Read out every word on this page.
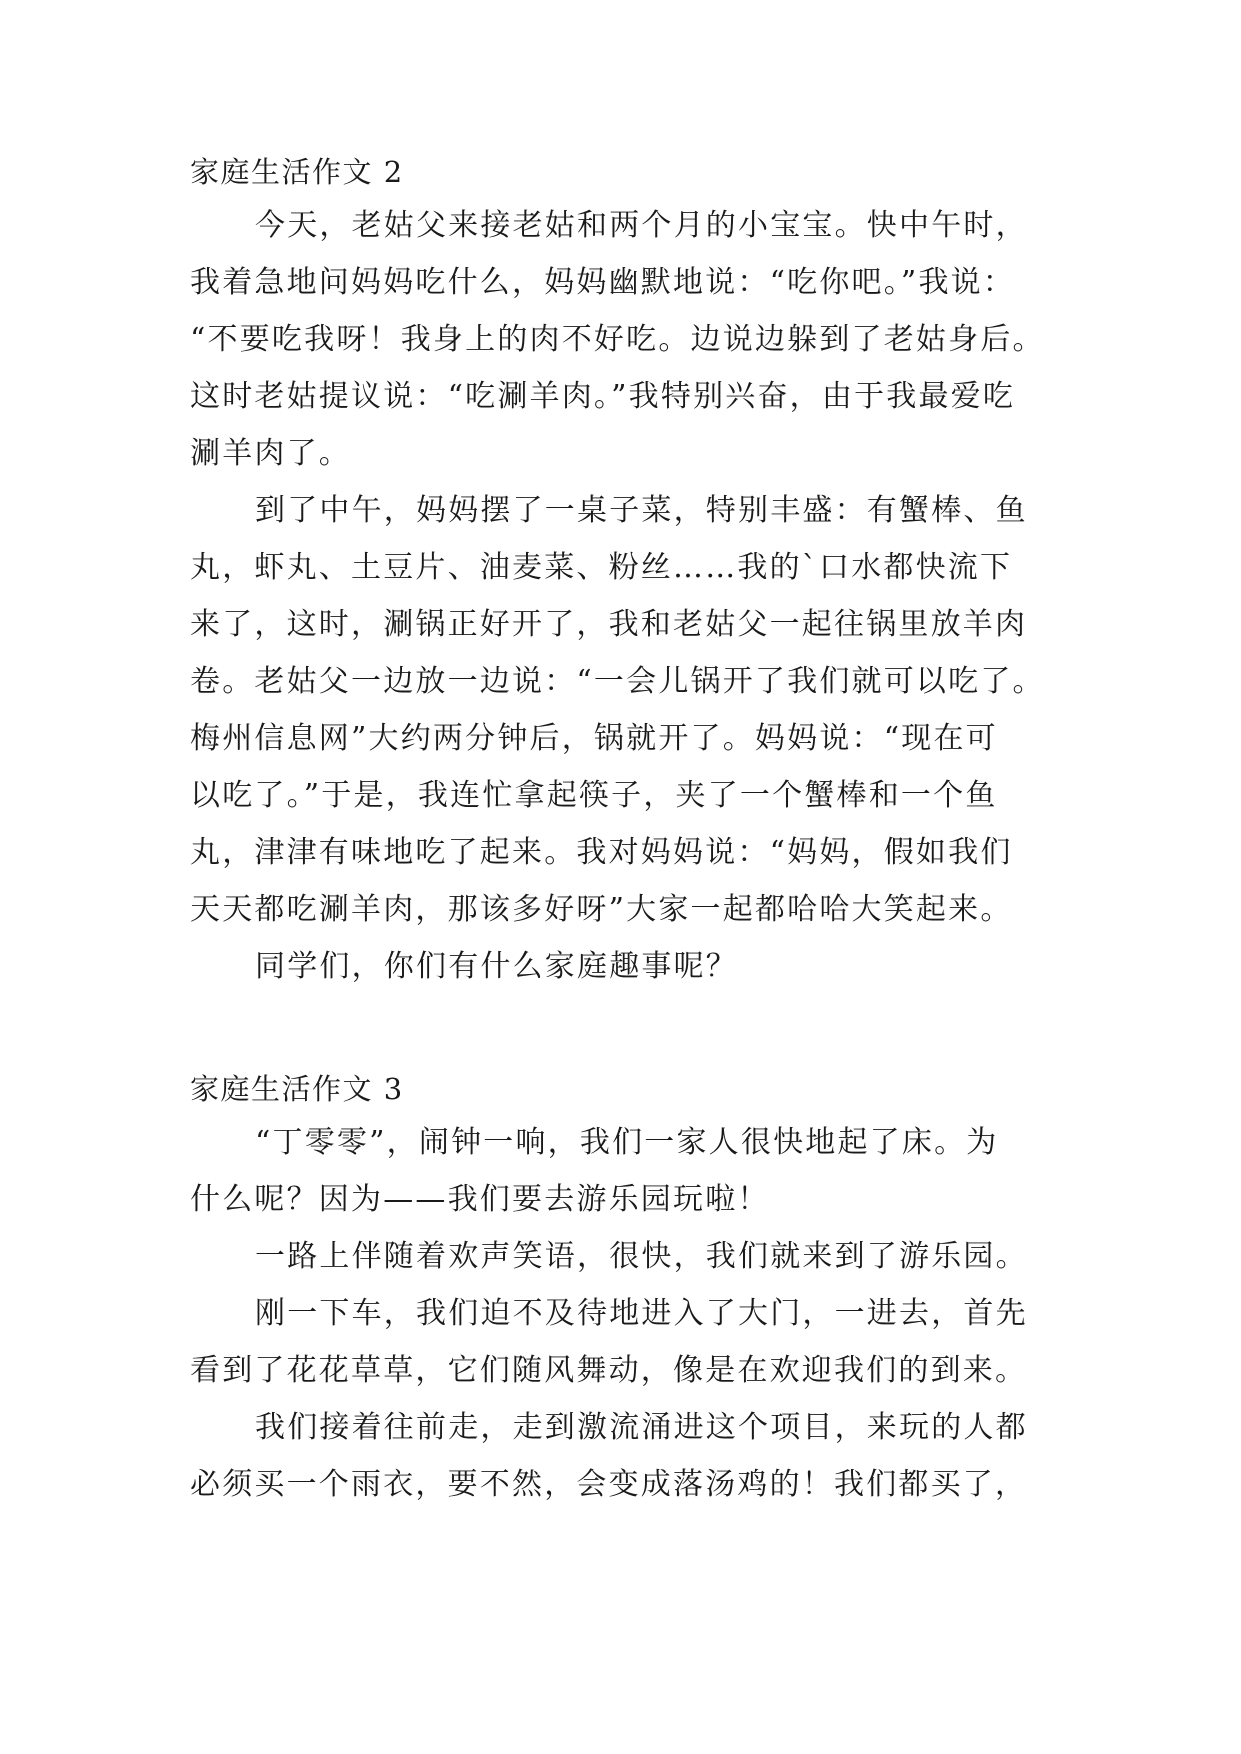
家庭生活作文 2
今天，老姑父来接老姑和两个月的小宝宝。快中午时，
我着急地问妈妈吃什么，妈妈幽默地说：“吃你吧。”我说：
“不要吃我呀！我身上的肉不好吃。边说边躲到了老姑身后。
这时老姑提议说：“吃涮羊肉。”我特别兴奋，由于我最爱吃
涮羊肉了。
到了中午，妈妈摆了一桌子菜，特别丰盛：有蟹棒、鱼
丸，虾丸、土豆片、油麦菜、粉丝……我的`口水都快流下
来了，这时，涮锅正好开了，我和老姑父一起往锅里放羊肉
卷。老姑父一边放一边说：“一会儿锅开了我们就可以吃了。
梅州信息网”大约两分钟后，锅就开了。妈妈说：“现在可
以吃了。”于是，我连忙拿起筷子，夹了一个蟹棒和一个鱼
丸，津津有味地吃了起来。我对妈妈说：“妈妈，假如我们
天天都吃涮羊肉，那该多好呀”大家一起都哈哈大笑起来。
同学们，你们有什么家庭趣事呢？
家庭生活作文 3
“丁零零”，闹钟一响，我们一家人很快地起了床。为
什么呢？因为——我们要去游乐园玩啦！
一路上伴随着欢声笑语，很快，我们就来到了游乐园。
刚一下车，我们迫不及待地进入了大门，一进去，首先
看到了花花草草，它们随风舞动，像是在欢迎我们的到来。
我们接着往前走，走到激流涌进这个项目，来玩的人都
必须买一个雨衣，要不然，会变成落汤鸡的！我们都买了，
